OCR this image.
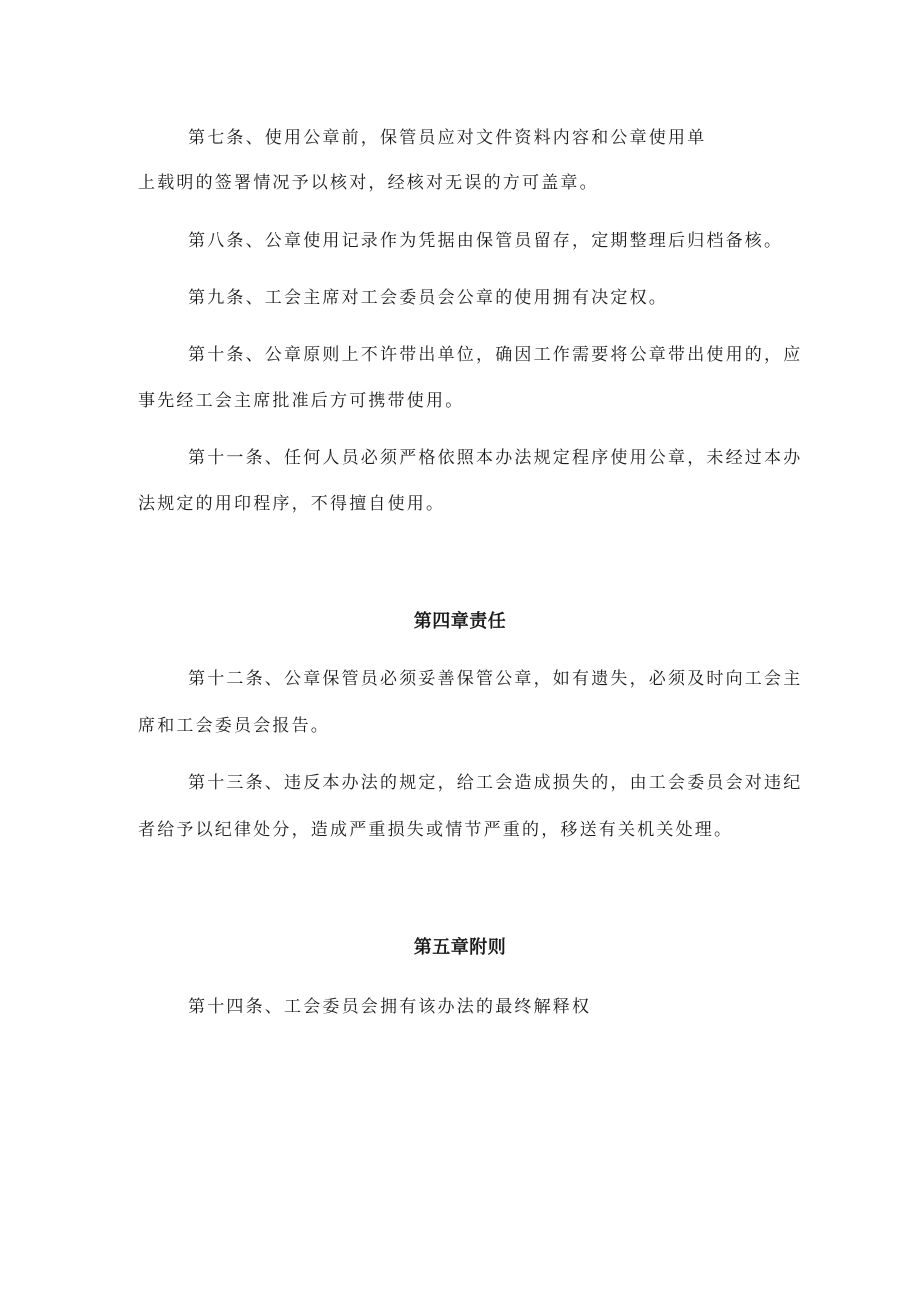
第七条、使用公章前，保管员应对文件资料内容和公章使用单
上载明的签署情况予以核对，经核对无误的方可盖章。
第八条、公章使用记录作为凭据由保管员留存，定期整理后归档备核。
第九条、工会主席对工会委员会公章的使用拥有决定权。
第十条、公章原则上不许带出单位，确因工作需要将公章带出使用的，应
事先经工会主席批准后方可携带使用。
第十一条、任何人员必须严格依照本办法规定程序使用公章，未经过本办
法规定的用印程序，不得擅自使用。
第四章责任
第十二条、公章保管员必须妥善保管公章，如有遗失，必须及时向工会主
席和工会委员会报告。
第十三条、违反本办法的规定，给工会造成损失的，由工会委员会对违纪
者给予以纪律处分，造成严重损失或情节严重的，移送有关机关处理。
第五章附则
第十四条、工会委员会拥有该办法的最终解释权
